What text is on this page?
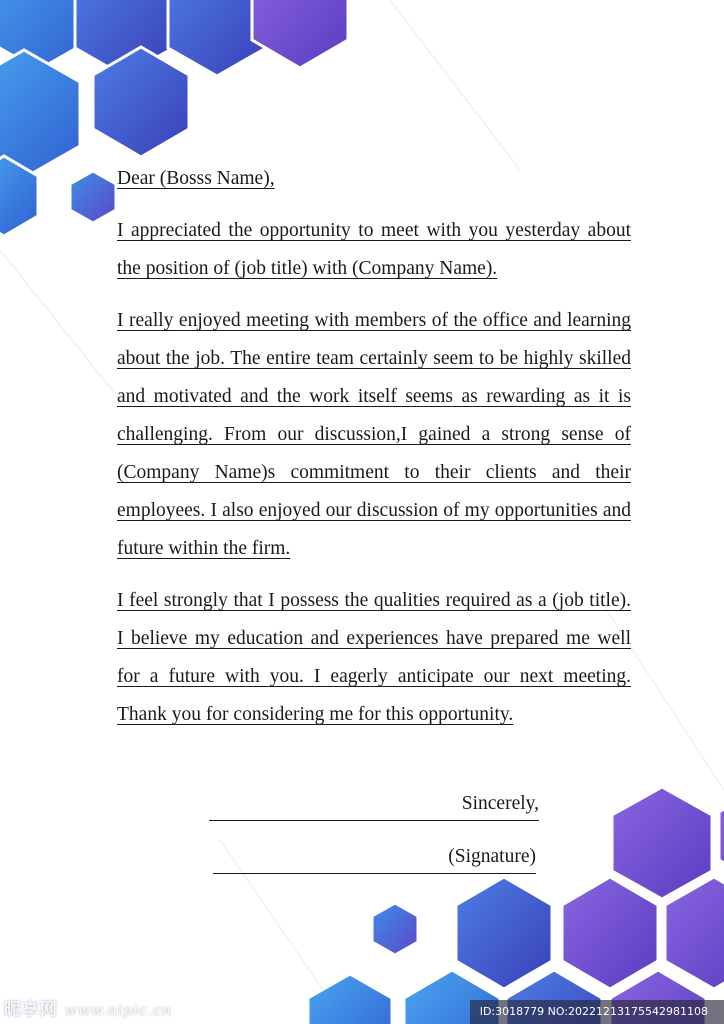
Dear (Bosss Name),

I appreciated the opportunity to meet with you yesterday about the position of (job title) with (Company Name).

I really enjoyed meeting with members of the office and learning about the job. The entire team certainly seem to be highly skilled and motivated and the work itself seems as rewarding as it is challenging. From our discussion,I gained a strong sense of (Company Name)s commitment to their clients and their employees. I also enjoyed our discussion of my opportunities and future within the firm.

I feel strongly that I possess the qualities required as a (job title). I believe my education and experiences have prepared me well for a future with you. I eagerly anticipate our next meeting. Thank you for considering me for this opportunity.

Sincerely,
(Signature)
昵享网 www.nipic.cn	ID:3018779 NO:20221213175542981108
